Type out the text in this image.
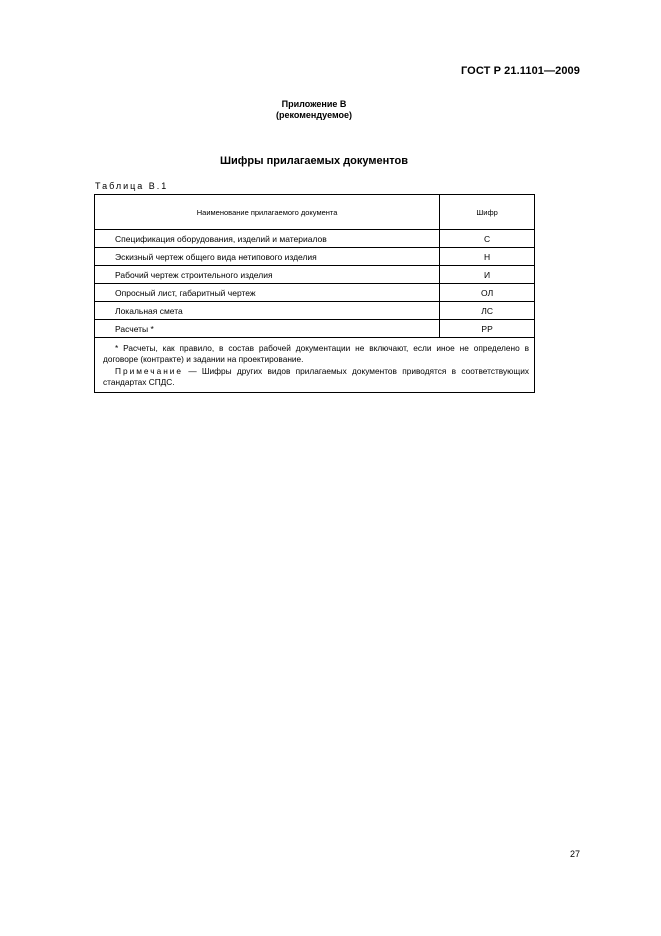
ГОСТ Р 21.1101—2009
Приложение В
(рекомендуемое)
Шифры прилагаемых документов
Таблица В.1
Наименование прилагаемого документа	Шифр
Спецификация оборудования, изделий и материалов	С
Эскизный чертеж общего вида нетипового изделия	Н
Рабочий чертеж строительного изделия	И
Опросный лист, габаритный чертеж	ОЛ
Локальная смета	ЛС
Расчеты *	РР

* Расчеты, как правило, в состав рабочей документации не включают, если иное не определено в договоре (контракте) и задании на проектирование.

Примечание — Шифры других видов прилагаемых документов приводятся в соответствующих стандартах СПДС.	

27
